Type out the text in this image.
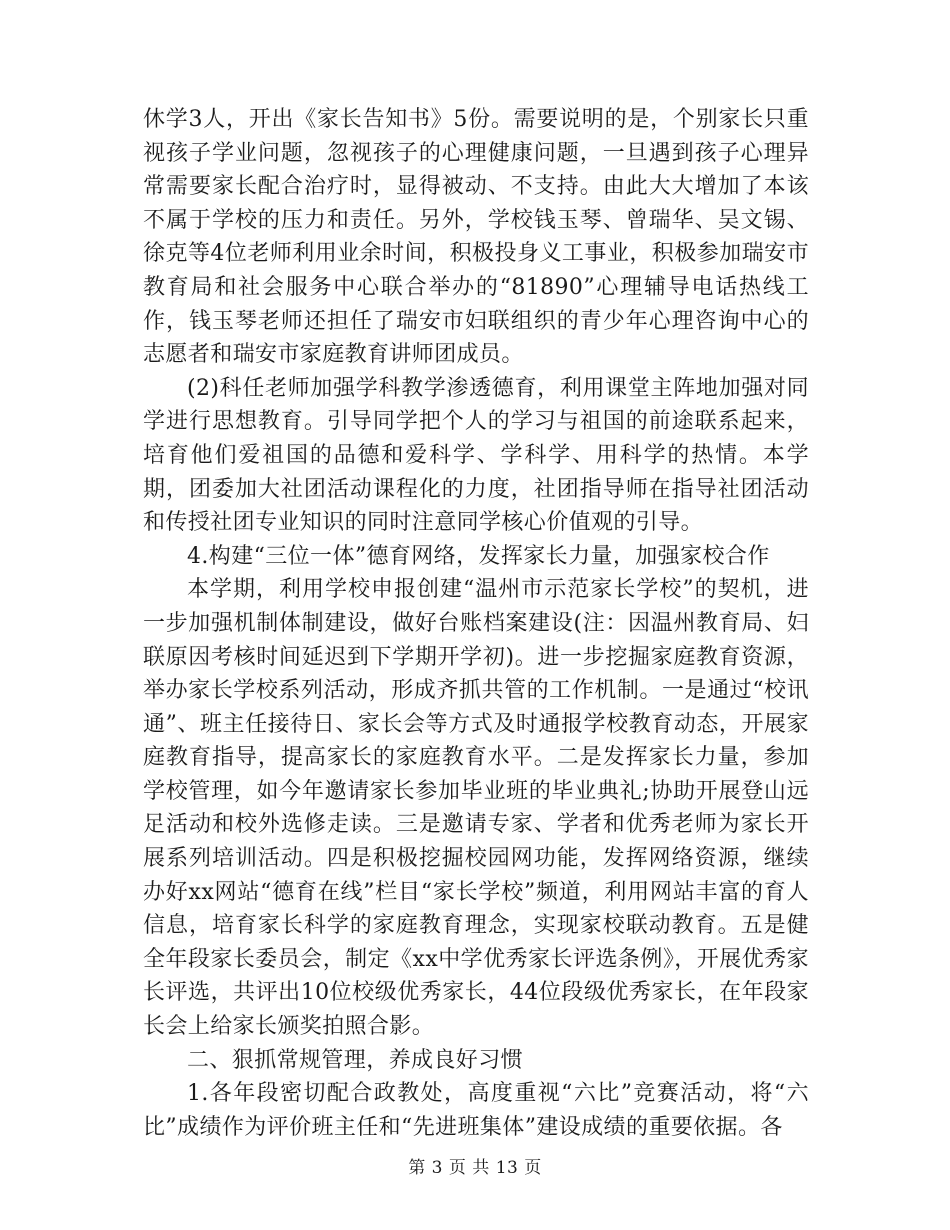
休学3人，开出《家长告知书》5份。需要说明的是，个别家长只重视孩子学业问题，忽视孩子的心理健康问题，一旦遇到孩子心理异常需要家长配合治疗时，显得被动、不支持。由此大大增加了本该不属于学校的压力和责任。另外，学校钱玉琴、曾瑞华、吴文锡、徐克等4位老师利用业余时间，积极投身义工事业，积极参加瑞安市教育局和社会服务中心联合举办的“81890”心理辅导电话热线工作，钱玉琴老师还担任了瑞安市妇联组织的青少年心理咨询中心的志愿者和瑞安市家庭教育讲师团成员。

(2)科任老师加强学科教学渗透德育，利用课堂主阵地加强对同学进行思想教育。引导同学把个人的学习与祖国的前途联系起来，培育他们爱祖国的品德和爱科学、学科学、用科学的热情。本学期，团委加大社团活动课程化的力度，社团指导师在指导社团活动和传授社团专业知识的同时注意同学核心价值观的引导。

4.构建“三位一体”德育网络，发挥家长力量，加强家校合作

本学期，利用学校申报创建“温州市示范家长学校”的契机，进一步加强机制体制建设，做好台账档案建设(注：因温州教育局、妇联原因考核时间延迟到下学期开学初)。进一步挖掘家庭教育资源，举办家长学校系列活动，形成齐抓共管的工作机制。一是通过“校讯通”、班主任接待日、家长会等方式及时通报学校教育动态，开展家庭教育指导，提高家长的家庭教育水平。二是发挥家长力量，参加学校管理，如今年邀请家长参加毕业班的毕业典礼;协助开展登山远足活动和校外选修走读。三是邀请专家、学者和优秀老师为家长开展系列培训活动。四是积极挖掘校园网功能，发挥网络资源，继续办好xx网站“德育在线”栏目“家长学校”频道，利用网站丰富的育人信息，培育家长科学的家庭教育理念，实现家校联动教育。五是健全年段家长委员会，制定《xx中学优秀家长评选条例》，开展优秀家长评选，共评出10位校级优秀家长，44位段级优秀家长，在年段家长会上给家长颁奖拍照合影。

二、狠抓常规管理，养成良好习惯

1.各年段密切配合政教处，高度重视“六比”竞赛活动，将“六比”成绩作为评价班主任和“先进班集体”建设成绩的重要依据。各

第 3 页 共 13 页
